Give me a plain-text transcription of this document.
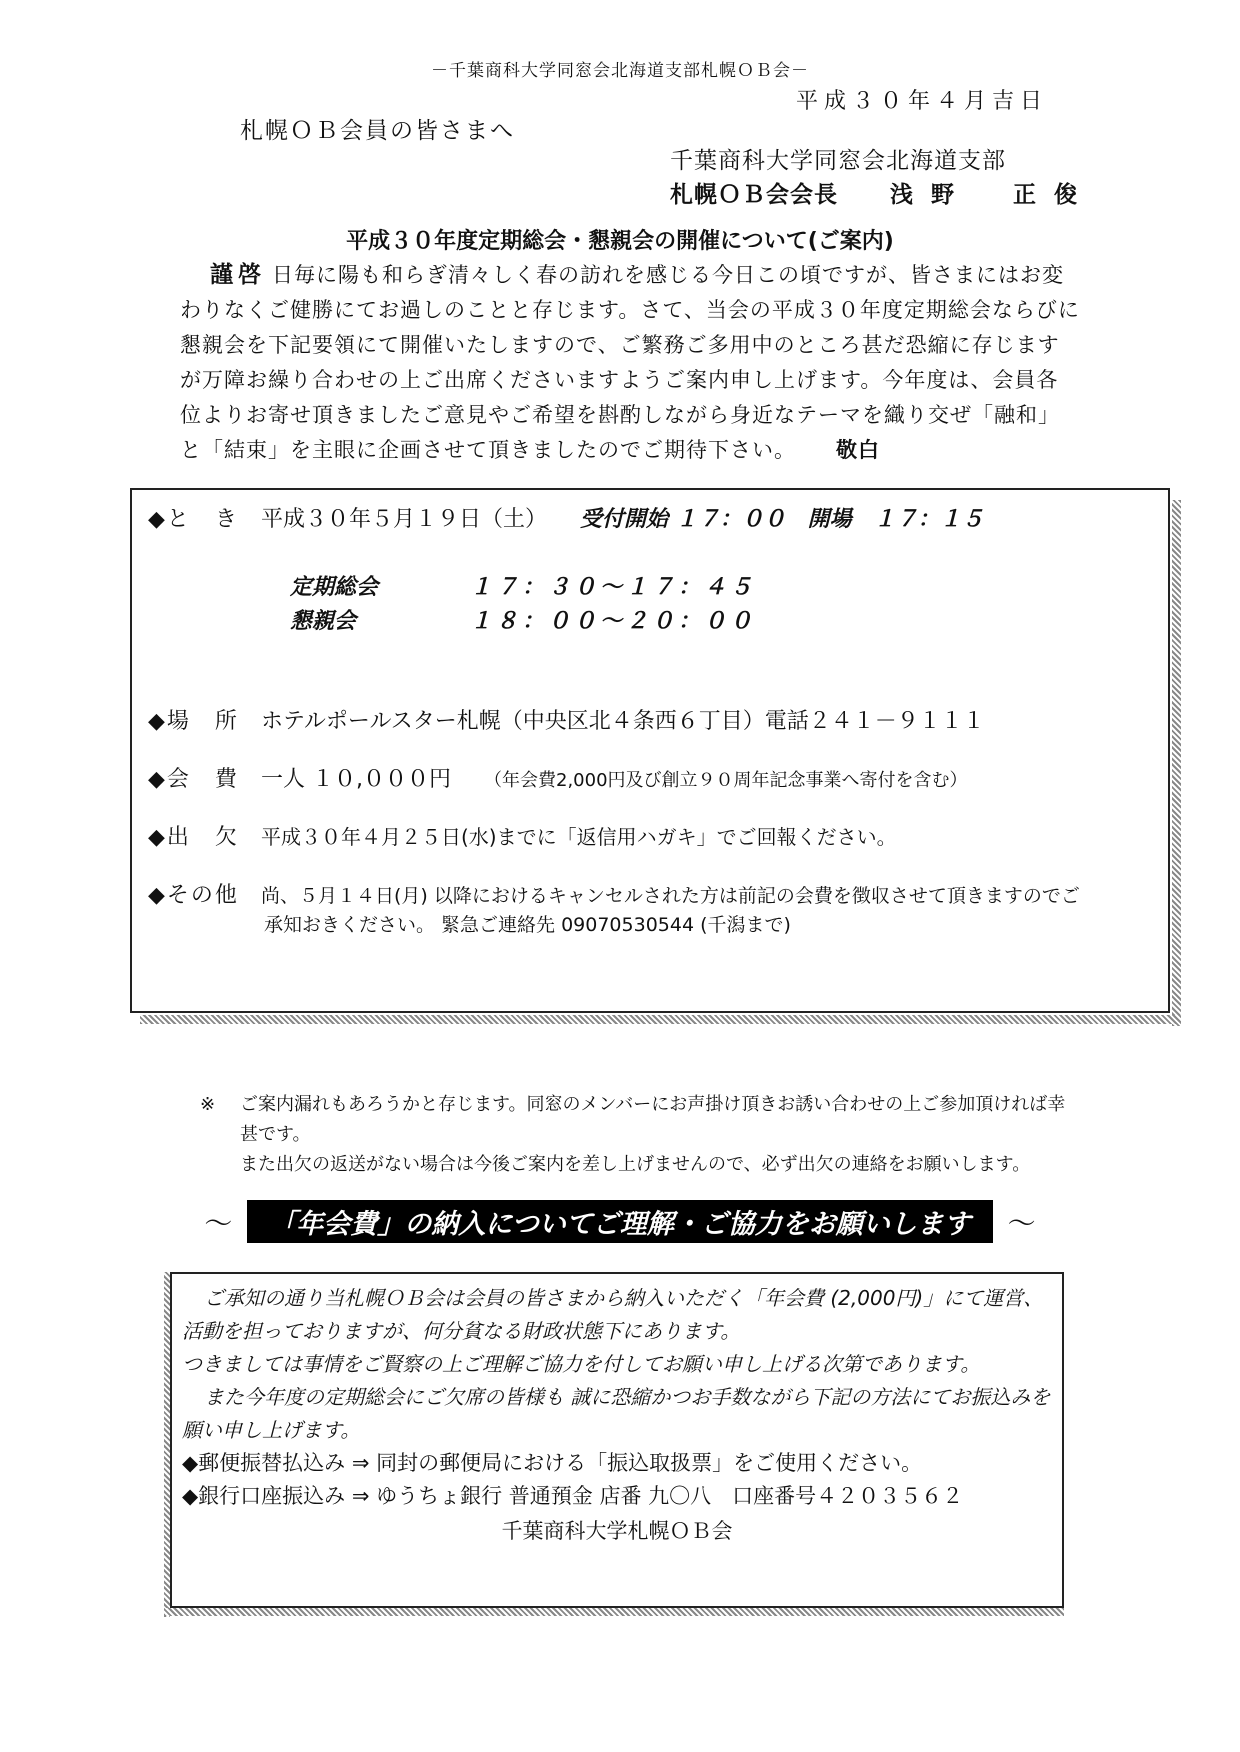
－千葉商科大学同窓会北海道支部札幌ＯＢ会－
平成３０年４月吉日
札幌ＯＢ会員の皆さまへ
千葉商科大学同窓会北海道支部
札幌ＯＢ会会長 浅野　正俊
平成３０年度定期総会・懇親会の開催について(ご案内)
謹啓 日毎に陽も和らぎ清々しく春の訪れを感じる今日この頃ですが、皆さまにはお変わりなくご健勝にてお過しのことと存じます。さて、当会の平成３０年度定期総会ならびに懇親会を下記要領にて開催いたしますので、ご繁務ご多用中のところ甚だ恐縮に存じますが万障お繰り合わせの上ご出席くださいますようご案内申し上げます。今年度は、会員各位よりお寄せ頂きましたご意見やご希望を斟酌しながら身近なテーマを織り交ぜ「融和」と「結束」を主眼に企画させて頂きましたのでご期待下さい。 敬白
◆と　き 平成３０年５月１９日（土） 受付開始 １７：００　開場　１７：１５
定期総会	１７：３０～１７：４５
懇親会	１８：００～２０：００
◆場　所 ホテルポールスター札幌（中央区北４条西６丁目）電話２４１－９１１１
◆会　費 一人 １０,０００円 （年会費2,000円及び創立９０周年記念事業へ寄付を含む）
◆出　欠 平成３０年４月２５日(水)までに「返信用ハガキ」でご回報ください。
◆その他 尚、５月１４日(月) 以降におけるキャンセルされた方は前記の会費を徴収させて頂きますのでご
承知おきください。 緊急ご連絡先 09070530544 (千潟まで)
※ ご案内漏れもあろうかと存じます。同窓のメンバーにお声掛け頂きお誘い合わせの上ご参加頂ければ幸甚です。
また出欠の返送がない場合は今後ご案内を差し上げませんので、必ず出欠の連絡をお願いします。
～ 「年会費」の納入についてご理解・ご協力をお願いします ～
ご承知の通り当札幌ＯＢ会は会員の皆さまから納入いただく「年会費 (2,000円)」にて運営、活動を担っておりますが、何分貧なる財政状態下にあります。
つきましては事情をご賢察の上ご理解ご協力を付してお願い申し上げる次第であります。
また今年度の定期総会にご欠席の皆様も 誠に恐縮かつお手数ながら下記の方法にてお振込みを願い申し上げます。
◆郵便振替払込み ⇒ 同封の郵便局における「振込取扱票」をご使用ください。
◆銀行口座振込み ⇒ ゆうちょ銀行 普通預金 店番 九〇八　口座番号４２０３５６２
千葉商科大学札幌ＯＢ会
